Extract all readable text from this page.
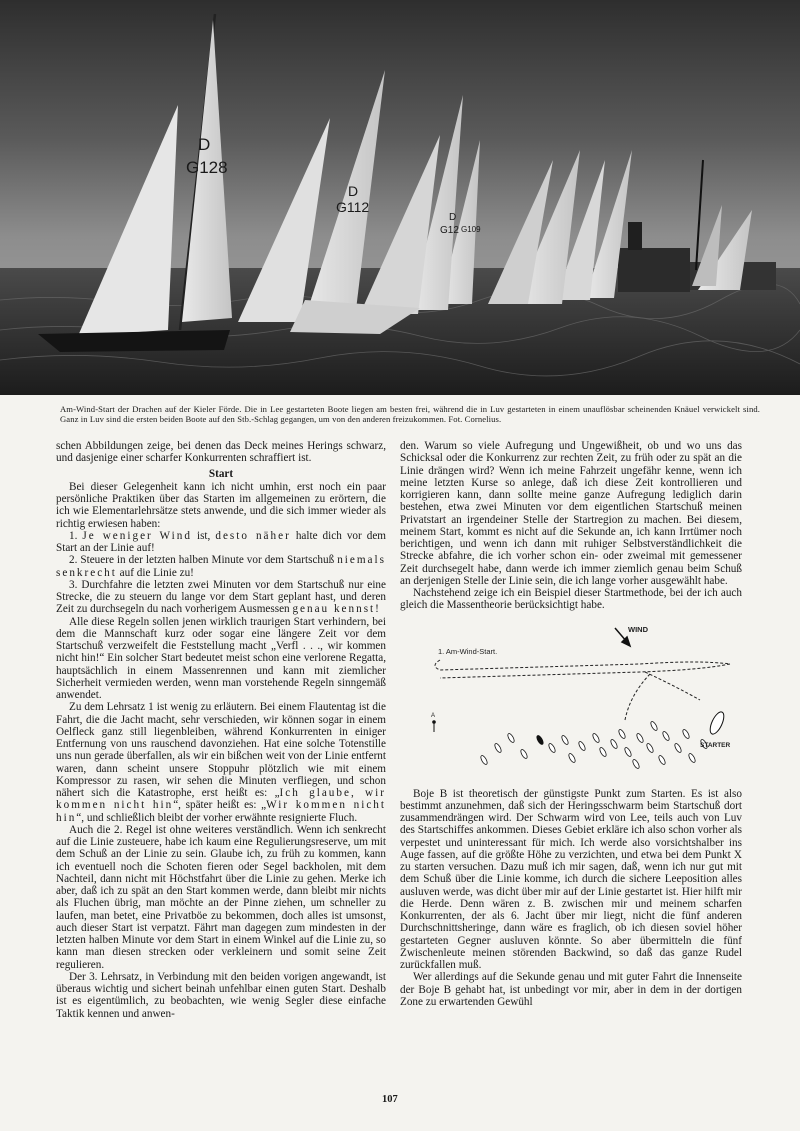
D
G128
D
G112
D
G12 G109
Am-Wind-Start der Drachen auf der Kieler Förde. Die in Lee gestarteten Boote liegen am besten frei, während die in Luv gestarteten in einem unauflösbar scheinenden Knäuel verwickelt sind. Ganz in Luv sind die ersten beiden Boote auf den Stb.-Schlag gegangen, um von den anderen freizukommen. Fot. Cornelius.

schen Abbildungen zeige, bei denen das Deck meines Herings schwarz, und dasjenige einer scharfer Konkurrenten schraffiert ist.

Start

Bei dieser Gelegenheit kann ich nicht umhin, erst noch ein paar persönliche Praktiken über das Starten im allgemeinen zu erörtern, die ich wie Elementarlehrsätze stets anwende, und die sich immer wieder als richtig erwiesen haben:

1. Je weniger Wind ist, desto näher halte dich vor dem Start an der Linie auf!

2. Steuere in der letzten halben Minute vor dem Startschuß niemals senkrecht auf die Linie zu!

3. Durchfahre die letzten zwei Minuten vor dem Startschuß nur eine Strecke, die zu steuern du lange vor dem Start geplant hast, und deren Zeit zu durchsegeln du nach vorherigem Ausmessen genau kennst!

Alle diese Regeln sollen jenen wirklich traurigen Start verhindern, bei dem die Mannschaft kurz oder sogar eine längere Zeit vor dem Startschuß verzweifelt die Feststellung macht „Verfl . . ., wir kommen nicht hin!“ Ein solcher Start bedeutet meist schon eine verlorene Regatta, hauptsächlich in einem Massenrennen und kann mit ziemlicher Sicherheit vermieden werden, wenn man vorstehende Regeln sinngemäß anwendet.

Zu dem Lehrsatz 1 ist wenig zu erläutern. Bei einem Flautentag ist die Fahrt, die die Jacht macht, sehr verschieden, wir können sogar in einem Oelfleck ganz still liegenbleiben, während Konkurrenten in einiger Entfernung von uns rauschend davonziehen. Hat eine solche Totenstille uns nun gerade überfallen, als wir ein bißchen weit von der Linie entfernt waren, dann scheint unsere Stoppuhr plötzlich wie mit einem Kompressor zu rasen, wir sehen die Minuten verfliegen, und schon nähert sich die Katastrophe, erst heißt es: „Ich glaube, wir kommen nicht hin“, später heißt es: „Wir kommen nicht hin“, und schließlich bleibt der vorher erwähnte resignierte Fluch.

Auch die 2. Regel ist ohne weiteres verständlich. Wenn ich senkrecht auf die Linie zusteuere, habe ich kaum eine Regulierungsreserve, um mit dem Schuß an der Linie zu sein. Glaube ich, zu früh zu kommen, kann ich eventuell noch die Schoten fieren oder Segel backholen, mit dem Nachteil, dann nicht mit Höchstfahrt über die Linie zu gehen. Merke ich aber, daß ich zu spät an den Start kommen werde, dann bleibt mir nichts als Fluchen übrig, man möchte an der Pinne ziehen, um schneller zu laufen, man betet, eine Privatböe zu bekommen, doch alles ist umsonst, auch dieser Start ist verpatzt. Fährt man dagegen zum mindesten in der letzten halben Minute vor dem Start in einem Winkel auf die Linie zu, so kann man diesen strecken oder verkleinern und somit seine Zeit regulieren.

Der 3. Lehrsatz, in Verbindung mit den beiden vorigen angewandt, ist überaus wichtig und sichert beinah unfehlbar einen guten Start. Deshalb ist es eigentümlich, zu beobachten, wie wenig Segler diese einfache Taktik kennen und anwen-

den. Warum so viele Aufregung und Ungewißheit, ob und wo uns das Schicksal oder die Konkurrenz zur rechten Zeit, zu früh oder zu spät an die Linie drängen wird? Wenn ich meine Fahrzeit ungefähr kenne, wenn ich meine letzten Kurse so anlege, daß ich diese Zeit kontrollieren und korrigieren kann, dann sollte meine ganze Aufregung lediglich darin bestehen, etwa zwei Minuten vor dem eigentlichen Startschuß meinen Privatstart an irgendeiner Stelle der Startregion zu machen. Bei diesem, meinem Start, kommt es nicht auf die Sekunde an, ich kann Irrtümer noch berichtigen, und wenn ich dann mit ruhiger Selbstverständlichkeit die Strecke abfahre, die ich vorher schon ein- oder zweimal mit gemessener Zeit durchsegelt habe, dann werde ich immer ziemlich genau beim Schuß an derjenigen Stelle der Linie sein, die ich lange vorher ausgewählt habe.

Nachstehend zeige ich ein Beispiel dieser Startmethode, bei der ich auch gleich die Massentheorie berücksichtigt habe.

1. Am-Wind-Start.
WIND
STARTER
A

Boje B ist theoretisch der günstigste Punkt zum Starten. Es ist also bestimmt anzunehmen, daß sich der Heringsschwarm beim Startschuß dort zusammendrängen wird. Der Schwarm wird von Lee, teils auch von Luv des Startschiffes ankommen. Dieses Gebiet erkläre ich also schon vorher als verpestet und uninteressant für mich. Ich werde also vorsichtshalber ins Auge fassen, auf die größte Höhe zu verzichten, und etwa bei dem Punkt X zu starten versuchen. Dazu muß ich mir sagen, daß, wenn ich nur gut mit dem Schuß über die Linie komme, ich durch die sichere Leeposition alles ausluven werde, was dicht über mir auf der Linie gestartet ist. Hier hilft mir die Herde. Denn wären z. B. zwischen mir und meinem scharfen Konkurrenten, der als 6. Jacht über mir liegt, nicht die fünf anderen Durchschnittsheringe, dann wäre es fraglich, ob ich diesen soviel höher gestarteten Gegner ausluven könnte. So aber übermitteln die fünf Zwischenleute meinen störenden Backwind, so daß das ganze Rudel zurückfallen muß.

Wer allerdings auf die Sekunde genau und mit guter Fahrt die Innenseite der Boje B gehabt hat, ist unbedingt vor mir, aber in dem in der dortigen Zone zu erwartenden Gewühl

107
